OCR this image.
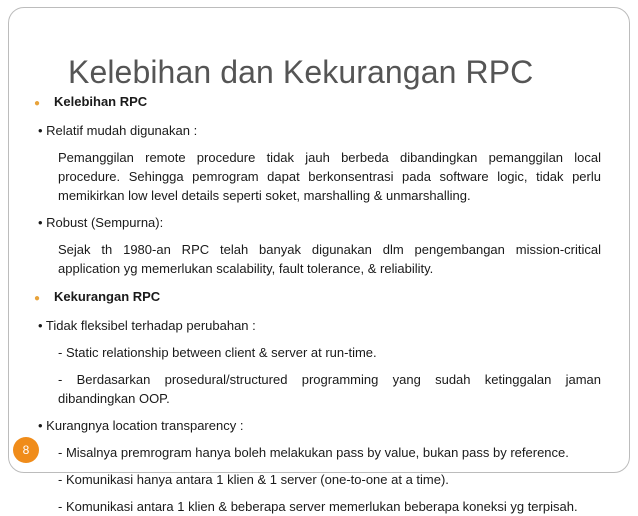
Kelebihan dan Kekurangan RPC
●	Kelebihan RPC

• Relatif mudah digunakan :

Pemanggilan remote procedure tidak jauh berbeda dibandingkan pemanggilan local procedure. Sehingga pemrogram dapat berkonsentrasi pada software logic, tidak perlu memikirkan low level details seperti soket, marshalling & unmarshalling.

• Robust (Sempurna):

Sejak th 1980-an RPC telah banyak digunakan dlm pengembangan mission-critical application yg memerlukan scalability, fault tolerance, & reliability.

●	Kekurangan RPC

• Tidak fleksibel terhadap perubahan :

- Static relationship between client & server at run-time.

- Berdasarkan prosedural/structured programming yang sudah ketinggalan jaman dibandingkan OOP.

• Kurangnya location transparency :

- Misalnya premrogram hanya boleh melakukan pass by value, bukan pass by reference.

- Komunikasi hanya antara 1 klien & 1 server (one-to-one at a time).

- Komunikasi antara 1 klien & beberapa server memerlukan beberapa koneksi yg terpisah.

8
